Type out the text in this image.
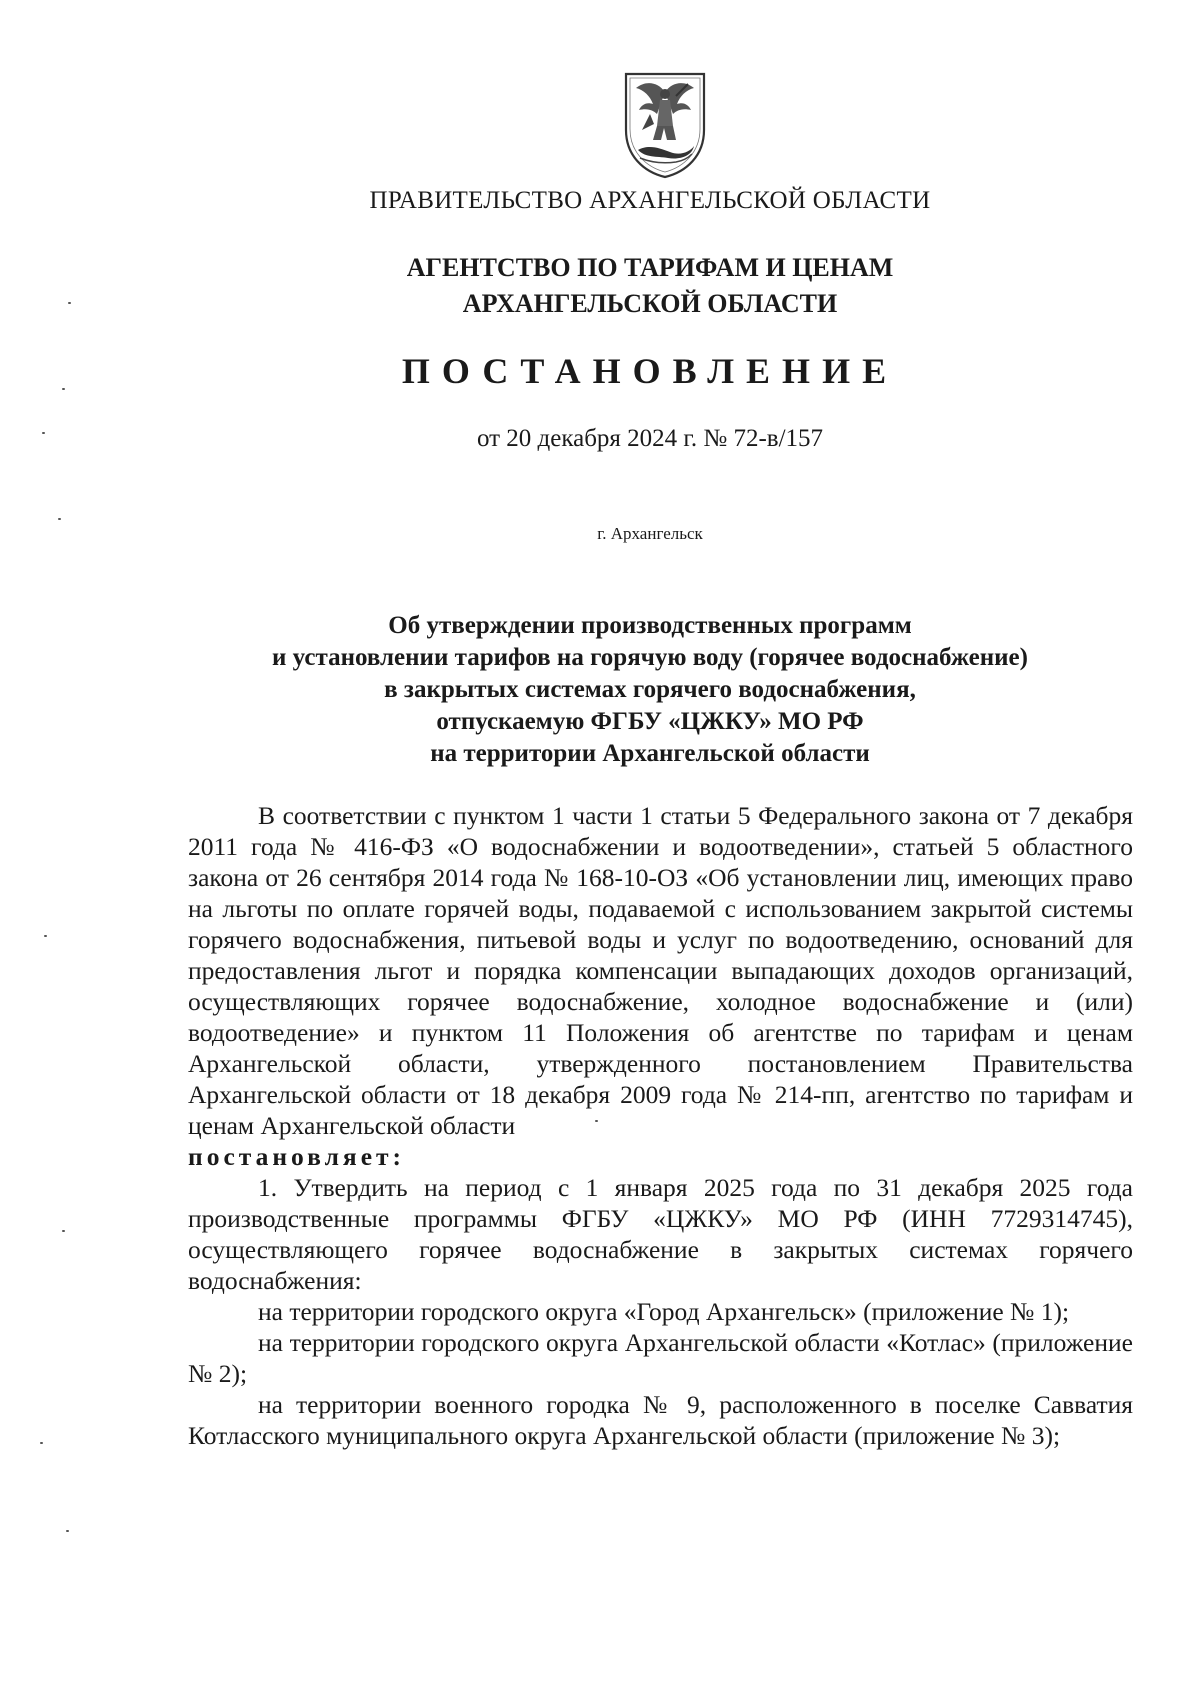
ПРАВИТЕЛЬСТВО АРХАНГЕЛЬСКОЙ ОБЛАСТИ
АГЕНТСТВО ПО ТАРИФАМ И ЦЕНАМ
АРХАНГЕЛЬСКОЙ ОБЛАСТИ
ПОСТАНОВЛЕНИЕ
от 20 декабря 2024 г. № 72-в/157
г. Архангельск
Об утверждении производственных программ
и установлении тарифов на горячую воду (горячее водоснабжение)
в закрытых системах горячего водоснабжения,
отпускаемую ФГБУ «ЦЖКУ» МО РФ
на территории Архангельской области

В соответствии с пунктом 1 части 1 статьи 5 Федерального закона от 7 декабря 2011 года № 416-ФЗ «О водоснабжении и водоотведении», статьей 5 областного закона от 26 сентября 2014 года № 168-10-ОЗ «Об установлении лиц, имеющих право на льготы по оплате горячей воды, подаваемой с использованием закрытой системы горячего водоснабжения, питьевой воды и услуг по водоотведению, оснований для предоставления льгот и порядка компенсации выпадающих доходов организаций, осуществляющих горячее водоснабжение, холодное водоснабжение и (или) водоотведение» и пунктом 11 Положения об агентстве по тарифам и ценам Архангельской области, утвержденного постановлением Правительства Архангельской области от 18 декабря 2009 года № 214-пп, агентство по тарифам и ценам Архангельской области

постановляет:

1. Утвердить на период с 1 января 2025 года по 31 декабря 2025 года производственные программы ФГБУ «ЦЖКУ» МО РФ (ИНН 7729314745), осуществляющего горячее водоснабжение в закрытых системах горячего водоснабжения:

на территории городского округа «Город Архангельск» (приложение № 1);

на территории городского округа Архангельской области «Котлас» (приложение № 2);

на территории военного городка № 9, расположенного в поселке Савватия Котласского муниципального округа Архангельской области (приложение № 3);
